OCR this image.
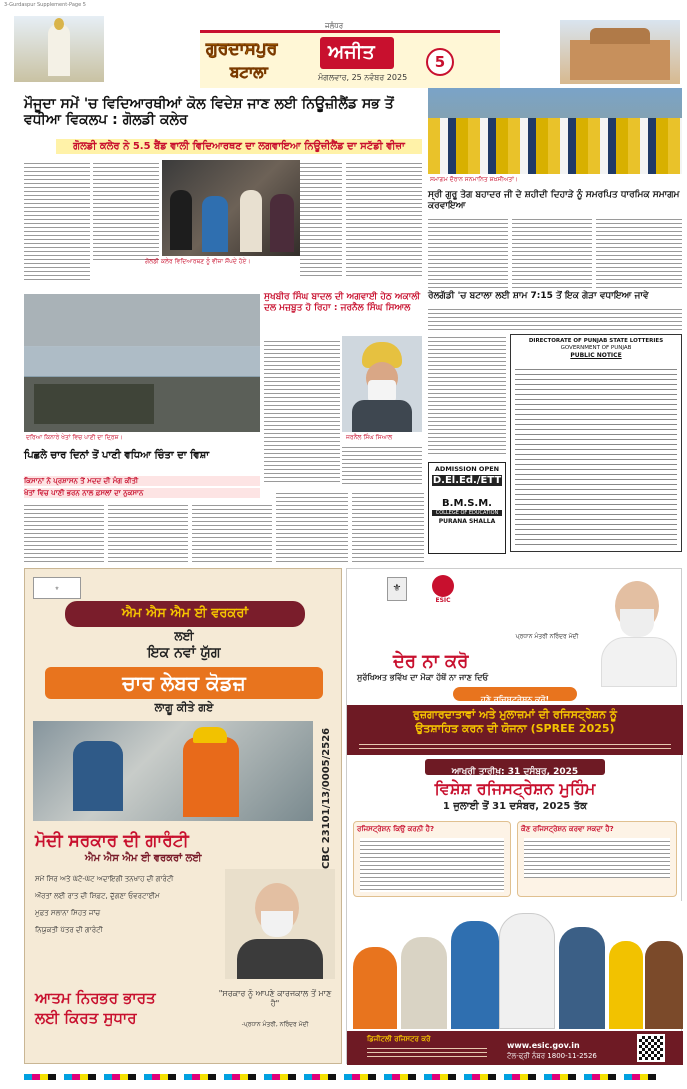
3-Gurdaspur Supplement-Page 5
ਗੁਰਦਾਸਪੁਰ
ਬਟਾਲਾ
ਅਜੀਤ
ਜਲੰਧਰ
ਮੰਗਲਵਾਰ, 25 ਨਵੰਬਰ 2025
5
ਮੌਜੂਦਾ ਸਮੇਂ 'ਚ ਵਿਦਿਆਰਥੀਆਂ ਕੋਲ ਵਿਦੇਸ਼ ਜਾਣ ਲਈ ਨਿਊਜ਼ੀਲੈਂਡ ਸਭ ਤੋਂ ਵਧੀਆ ਵਿਕਲਪ : ਗੋਲਡੀ ਕਲੇਰ
ਗੋਲਡੀ ਕਲੇਰ ਨੇ 5.5 ਬੈਂਡ ਵਾਲੀ ਵਿਦਿਆਰਥਣ ਦਾ ਲਗਵਾਇਆ ਨਿਊਜ਼ੀਲੈਂਡ ਦਾ ਸਟੱਡੀ ਵੀਜ਼ਾ
ਗੋਲਡੀ ਕਲੇਰ ਵਿਦਿਆਰਥਣ ਨੂੰ ਵੀਜ਼ਾ ਸੌਂਪਦੇ ਹੋਏ।
ਸਮਾਗਮ ਦੌਰਾਨ ਸਨਮਾਨਿਤ ਸ਼ਖ਼ਸੀਅਤਾਂ।
ਸ੍ਰੀ ਗੁਰੂ ਤੇਗ ਬਹਾਦਰ ਜੀ ਦੇ ਸ਼ਹੀਦੀ ਦਿਹਾੜੇ ਨੂੰ ਸਮਰਪਿਤ ਧਾਰਮਿਕ ਸਮਾਗਮ ਕਰਵਾਇਆ
ਰੇਲਗੱਡੀ 'ਚ ਬਟਾਲਾ ਲਈ ਸ਼ਾਮ 7:15 ਤੋਂ ਇਕ ਗੇੜਾ ਵਧਾਇਆ ਜਾਵੇ
DIRECTORATE OF PUNJAB STATE LOTTERIES
GOVERNMENT OF PUNJAB
PUBLIC NOTICE
ADMISSION OPEN
D.El.Ed./ETT
B.M.S.M.
COLLEGE OF EDUCATION
PURANA SHALLA
ਸੁਖਬੀਰ ਸਿੰਘ ਬਾਦਲ ਦੀ ਅਗਵਾਈ ਹੇਠ ਅਕਾਲੀ
ਦਲ ਮਜ਼ਬੂਤ ਹੋ ਰਿਹਾ : ਜਰਨੈਲ ਸਿੰਘ ਸਿਆਲ
ਜਰਨੈਲ ਸਿੰਘ ਸਿਆਲ
ਦਰਿਆ ਕਿਨਾਰੇ ਖੇਤਾਂ ਵਿਚ ਪਾਣੀ ਦਾ ਦ੍ਰਿਸ਼।
ਪਿਛਲੇ ਚਾਰ ਦਿਨਾਂ ਤੋਂ ਪਾਣੀ ਵਧਿਆ ਚਿੰਤਾ ਦਾ ਵਿਸ਼ਾ
ਕਿਸਾਨਾਂ ਨੇ ਪ੍ਰਸ਼ਾਸਨ ਤੋਂ ਮਦਦ ਦੀ ਮੰਗ ਕੀਤੀ
ਖੇਤਾਂ ਵਿਚ ਪਾਣੀ ਭਰਨ ਨਾਲ ਫ਼ਸਲਾਂ ਦਾ ਨੁਕਸਾਨ
⚜
ਐਮ ਐਸ ਐਮ ਈ ਵਰਕਰਾਂ
ਲਈ
ਇਕ ਨਵਾਂ ਯੁੱਗ
ਚਾਰ ਲੇਬਰ ਕੋਡਜ਼
ਲਾਗੂ ਕੀਤੇ ਗਏ
CBC 23101/13/0005/2526
ਮੋਦੀ ਸਰਕਾਰ ਦੀ ਗਾਰੰਟੀ
ਐਮ ਐਸ ਐਮ ਈ ਵਰਕਰਾਂ ਲਈ
ਸਮੇਂ ਸਿਰ ਅਤੇ ਘੱਟੋ-ਘੱਟ ਅਦਾਇਗੀ ਤਨਖਾਹ ਦੀ ਗਾਰੰਟੀ
ਔਰਤਾਂ ਲਈ ਰਾਤ ਦੀ ਸ਼ਿਫ਼ਟ, ਦੁੱਗਣਾ ਓਵਰਟਾਈਮ
ਮੁਫ਼ਤ ਸਲਾਨਾ ਸਿਹਤ ਜਾਂਚ
ਨਿਯੁਕਤੀ ਪੱਤਰ ਦੀ ਗਾਰੰਟੀ
ਆਤਮ ਨਿਰਭਰ ਭਾਰਤ
ਲਈ ਕਿਰਤ ਸੁਧਾਰ
"ਸਰਕਾਰ ਨੂੰ ਆਪਣੇ ਕਾਰਜਕਾਲ ਤੋਂ ਮਾਣ ਹੈ"
-ਪ੍ਰਧਾਨ ਮੰਤਰੀ, ਨਰਿੰਦਰ ਮੋਦੀ
⚜
ESIC
ਪ੍ਰਧਾਨ ਮੰਤਰੀ ਨਰਿੰਦਰ ਮੋਦੀ
ਦੇਰ ਨਾ ਕਰੋ
ਸੁਰੱਖਿਅਤ ਭਵਿੱਖ ਦਾ ਮੌਕਾ ਹੱਥੋਂ ਨਾ ਜਾਣ ਦਿਓ
ਹੁਣੇ ਰਜਿਸਟ੍ਰੇਸ਼ਨ ਕਰੋ!
ਰੁਜ਼ਗਾਰਦਾਤਾਵਾਂ ਅਤੇ ਮੁਲਾਜ਼ਮਾਂ ਦੀ ਰਜਿਸਟ੍ਰੇਸ਼ਨ ਨੂੰ
ਉਤਸ਼ਾਹਿਤ ਕਰਨ ਦੀ ਯੋਜਨਾ (SPREE 2025)
ਆਖਰੀ ਤਾਰੀਖ਼: 31 ਦਸੰਬਰ, 2025
ਵਿਸ਼ੇਸ਼ ਰਜਿਸਟ੍ਰੇਸ਼ਨ ਮੁਹਿੰਮ
1 ਜੁਲਾਈ ਤੋਂ 31 ਦਸੰਬਰ, 2025 ਤੱਕ
ਰਜਿਸਟ੍ਰੇਸ਼ਨ ਕਿਉਂ ਕਰਨੀ ਹੈ?	ਕੌਣ ਰਜਿਸਟ੍ਰੇਸ਼ਨ ਕਰਵਾ ਸਕਦਾ ਹੈ?
ਡਿਜੀਟਲੀ ਰਜਿਸਟਰ ਕਰੋ
www.esic.gov.in
ਟੋਲ-ਫ੍ਰੀ ਨੰਬਰ 1800-11-2526
